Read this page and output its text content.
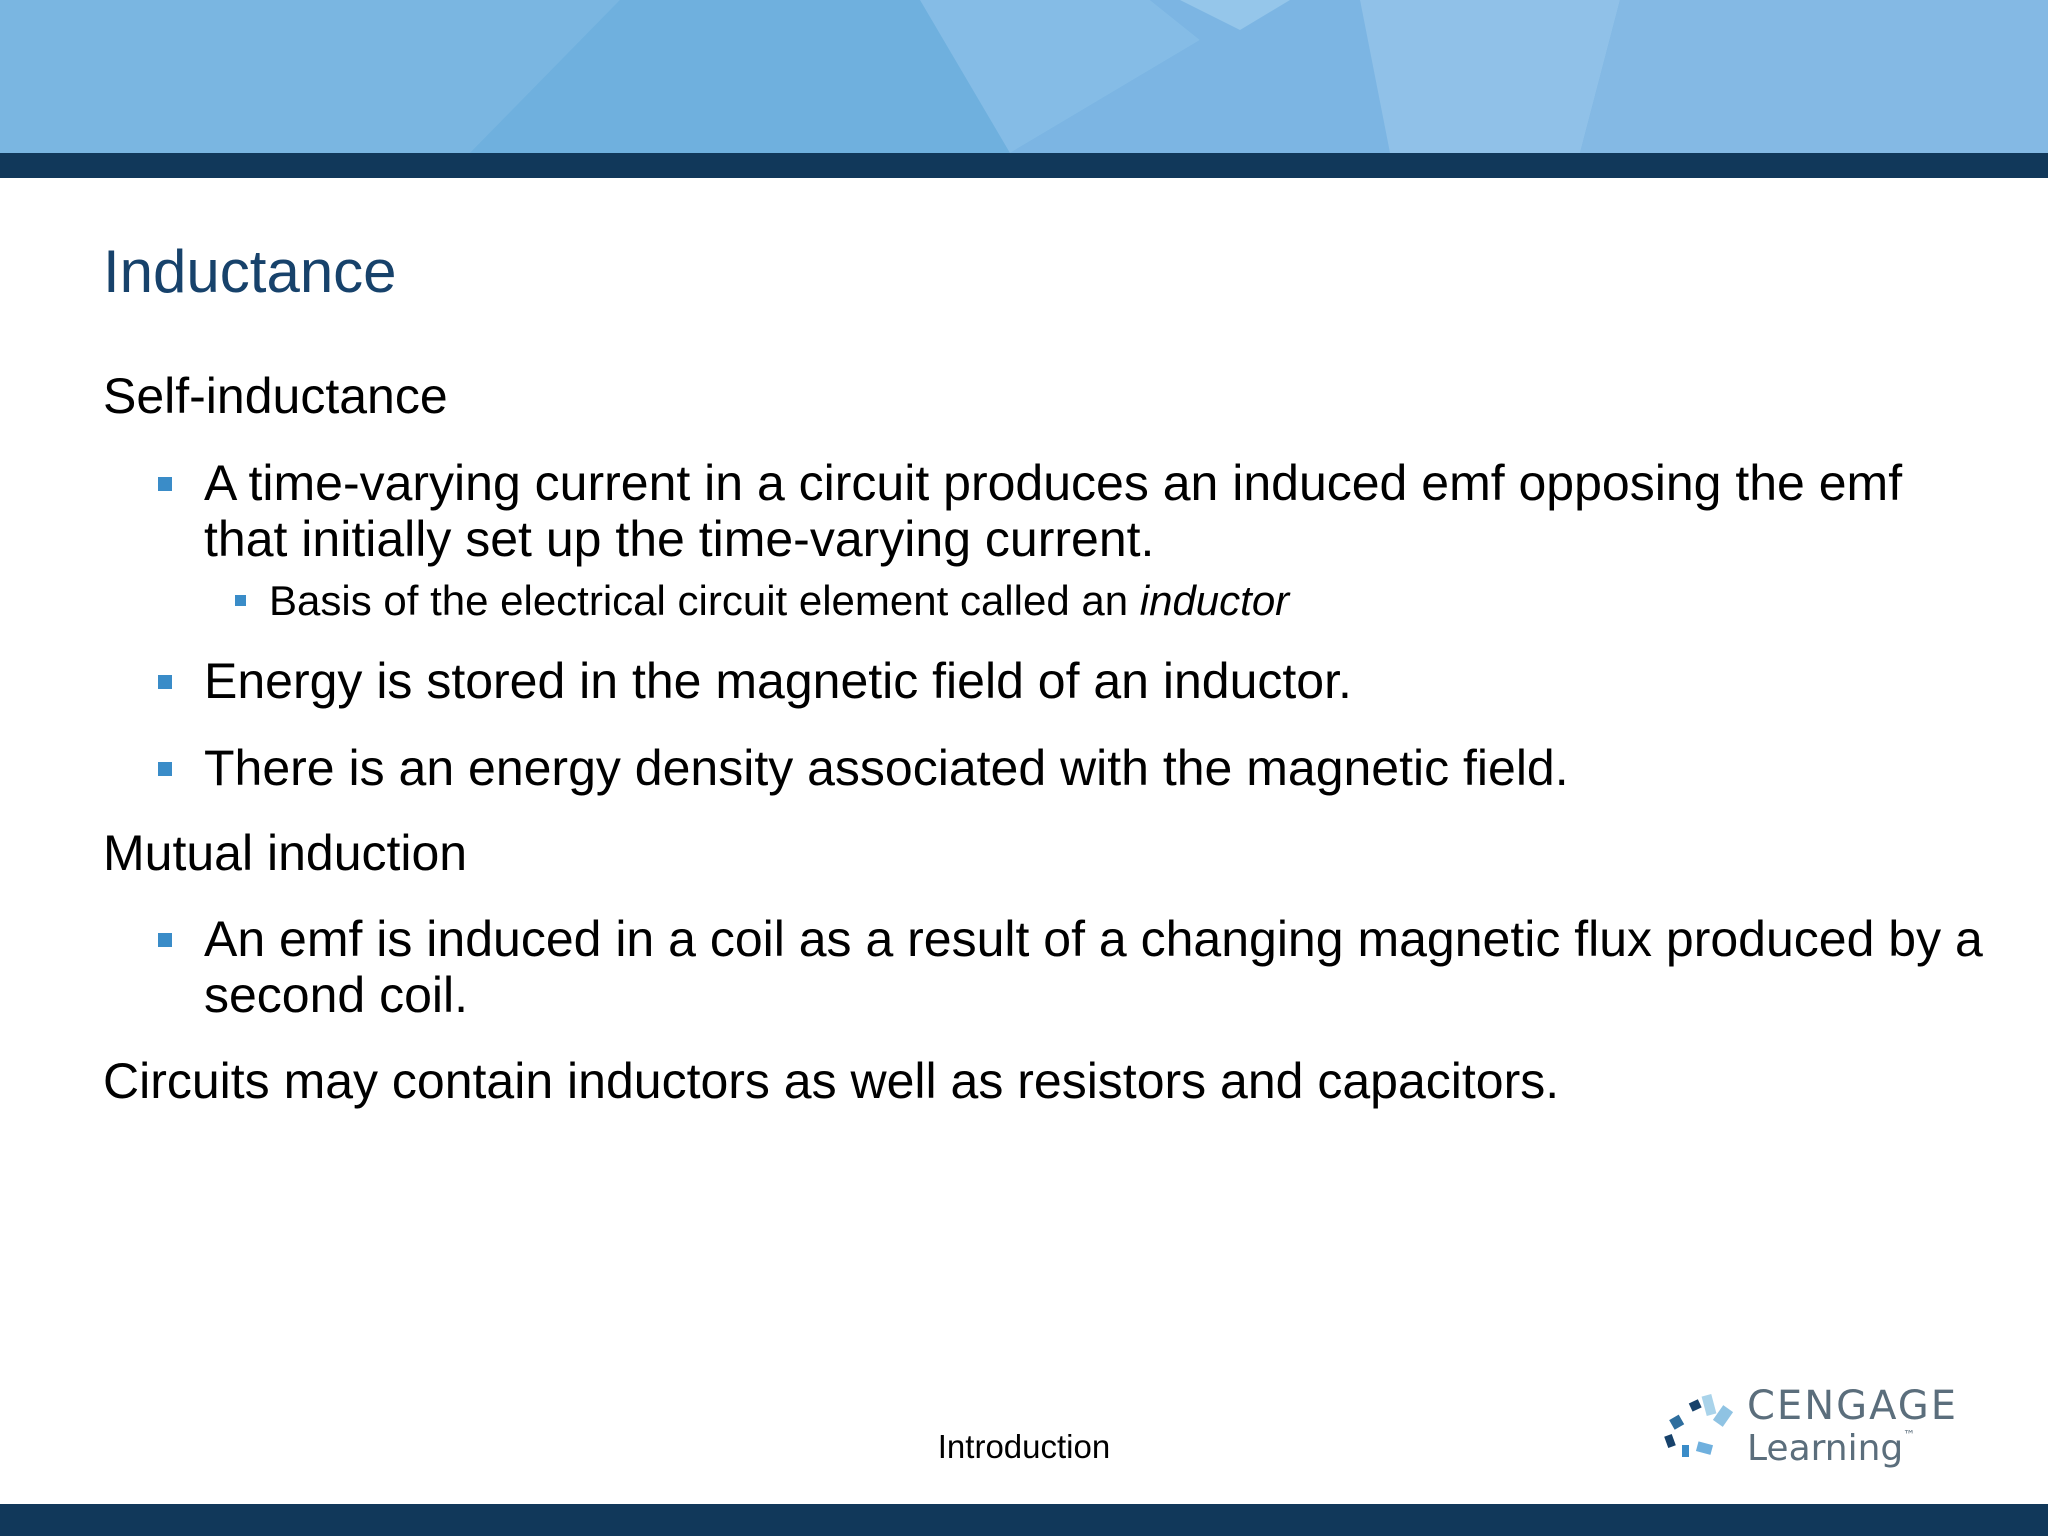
Inductance

Self-inductance

A time-varying current in a circuit produces an induced emf opposing the emf that initially set up the time-varying current.
Basis of the electrical circuit element called an inductor
Energy is stored in the magnetic field of an inductor.
There is an energy density associated with the magnetic field.

Mutual induction

An emf is induced in a coil as a result of a changing magnetic flux produced by a second coil.

Circuits may contain inductors as well as resistors and capacitors.

Introduction
CENGAGE
Learning™
